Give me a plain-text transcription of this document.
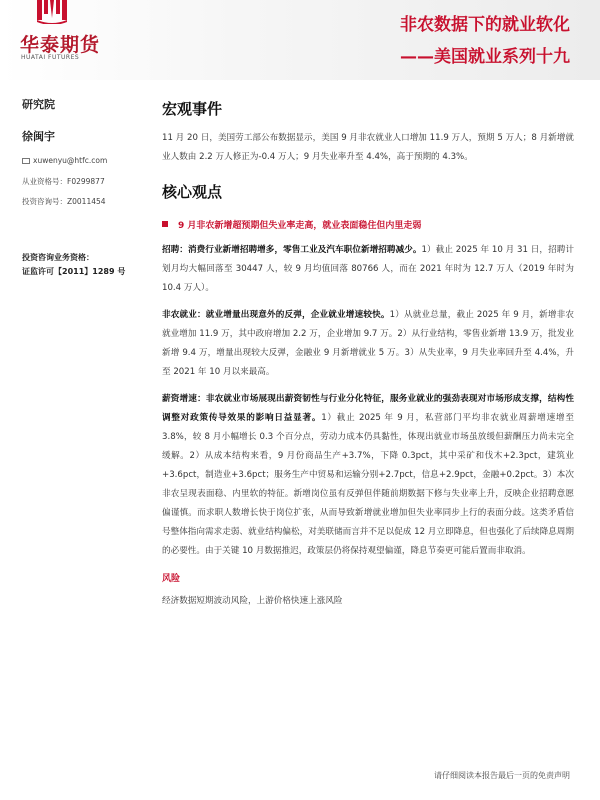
华泰期货
HUATAI FUTURES
非农数据下的就业软化
——美国就业系列十九
研究院
徐闽宇
xuwenyu@htfc.com
从业资格号：F0299877
投资咨询号：Z0011454
投资咨询业务资格：
证监许可【2011】1289 号
宏观事件
11 月 20 日，美国劳工部公布数据显示，美国 9 月非农就业人口增加 11.9 万人，预期 5 万人；8 月新增就业人数由 2.2 万人修正为-0.4 万人；9 月失业率升至 4.4%，高于预期的 4.3%。
核心观点
9 月非农新增超预期但失业率走高，就业表面稳住但内里走弱
招聘：消费行业新增招聘增多，零售工业及汽车职位新增招聘减少。1）截止 2025 年 10 月 31 日，招聘计划月均大幅回落至 30447 人，较 9 月均值回落 80766 人，而在 2021 年时为 12.7 万人（2019 年时为 10.4 万人）。
非农就业：就业增量出现意外的反弹，企业就业增速较快。1）从就业总量，截止 2025 年 9 月，新增非农就业增加 11.9 万，其中政府增加 2.2 万，企业增加 9.7 万。2）从行业结构，零售业新增 13.9 万，批发业新增 9.4 万，增量出现较大反弹，金融业 9 月新增就业 5 万。3）从失业率，9 月失业率回升至 4.4%，升至 2021 年 10 月以来最高。
薪资增速：非农就业市场展现出薪资韧性与行业分化特征，服务业就业的强劲表现对市场形成支撑，结构性调整对政策传导效果的影响日益显著。1）截止 2025 年 9 月，私营部门平均非农就业周薪增速增至 3.8%，较 8 月小幅增长 0.3 个百分点，劳动力成本仍具黏性，体现出就业市场虽放缓但薪酬压力尚未完全缓解。2）从成本结构来看，9 月份商品生产+3.7%，下降 0.3pct，其中采矿和伐木+2.3pct，建筑业+3.6pct，制造业+3.6pct；服务生产中贸易和运输分别+2.7pct，信息+2.9pct，金融+0.2pct。3）本次非农呈现表面稳、内里软的特征。新增岗位虽有反弹但伴随前期数据下修与失业率上升，反映企业招聘意愿偏谨慎。而求职人数增长快于岗位扩张，从而导致新增就业增加但失业率同步上行的表面分歧。这类矛盾信号整体指向需求走弱、就业结构偏松，对美联储而言并不足以促成 12 月立即降息，但也强化了后续降息周期的必要性。由于关键 10 月数据推迟，政策层仍将保持观望偏谨，降息节奏更可能后置而非取消。
风险
经济数据短期波动风险，上游价格快速上涨风险
请仔细阅读本报告最后一页的免责声明
